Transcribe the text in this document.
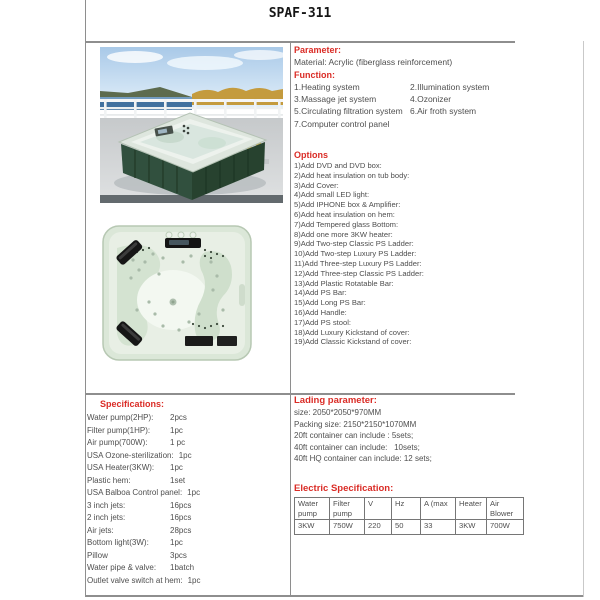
SPAF-311
Parameter:
Material: Acrylic (fiberglass reinforcement)
Function:
1.Heating system	2.Illumination system
3.Massage jet system	4.Ozonizer
5.Circulating filtration system 6.Air froth system
7.Computer control panel
Options
1)Add DVD and DVD box:
2)Add heat insulation on tub body:
3)Add Cover:
4)Add small LED light:
5)Add IPHONE box & Amplifier:
6)Add heat insulation on hem:
7)Add Tempered glass Bottom:
8)Add one more 3KW heater:
9)Add Two-step Classic PS Ladder:
10)Add Two-step Luxury PS Ladder:
11)Add Three-step Luxury PS Ladder:
12)Add Three-step Classic PS Ladder:
13)Add Plastic Rotatable Bar:
14)Add PS Bar:
15)Add Long PS Bar:
16)Add Handle:
17)Add PS stool:
18)Add Luxury Kickstand of cover:
19)Add Classic Kickstand of cover:
Specifications:
Water pump(2HP):	2pcs
Filter pump(1HP):	1pc
Air pump(700W):	1 pc
USA Ozone-sterilization: 1pc
USA Heater(3KW):	1pc
Plastic hem:	1set
USA Balboa Control panel: 1pc
3 inch jets:	16pcs
2 inch jets:	16pcs
Air jets:	28pcs
Bottom light(3W):	1pc
Pillow	3pcs
Water pipe & valve:	1batch
Outlet valve switch at hem: 1pc
Lading parameter:
size: 2050*2050*970MM
Packing size: 2150*2150*1070MM
20ft container can include : 5sets;
40ft container can include:   10sets;
40ft HQ container can include: 12 sets;
Electric Specification:
Water pump	Filter pump	V	Hz	A (max	Heater	Air Blower
3KW	750W	220	50	33	3KW	700W
